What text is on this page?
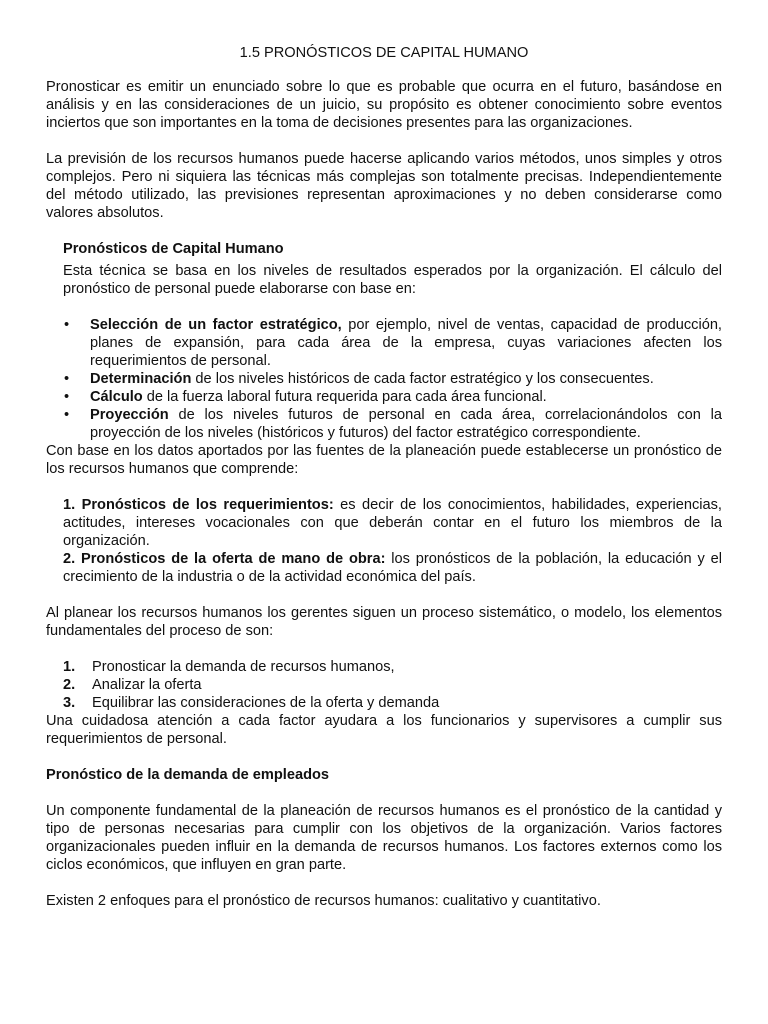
1.5 PRONÓSTICOS DE CAPITAL HUMANO

Pronosticar es emitir un enunciado sobre lo que es probable que ocurra en el futuro, basándose en análisis y en las consideraciones de un juicio, su propósito es obtener conocimiento sobre eventos inciertos que son importantes en la toma de decisiones presentes para las organizaciones.

La previsión de los recursos humanos puede hacerse aplicando varios métodos, unos simples y otros complejos. Pero ni siquiera las técnicas más complejas son totalmente precisas. Independientemente del método utilizado, las previsiones representan aproximaciones y no deben considerarse como valores absolutos.

Pronósticos de Capital Humano

Esta técnica se basa en los niveles de resultados esperados por la organización. El cálculo del pronóstico de personal puede elaborarse con base en:

• Selección de un factor estratégico, por ejemplo, nivel de ventas, capacidad de producción, planes de expansión, para cada área de la empresa, cuyas variaciones afecten los requerimientos de personal.
• Determinación de los niveles históricos de cada factor estratégico y los consecuentes.
• Cálculo de la fuerza laboral futura requerida para cada área funcional.
• Proyección de los niveles futuros de personal en cada área, correlacionándolos con la proyección de los niveles (históricos y futuros) del factor estratégico correspondiente.

Con base en los datos aportados por las fuentes de la planeación puede establecerse un pronóstico de los recursos humanos que comprende:

1. Pronósticos de los requerimientos: es decir de los conocimientos, habilidades, experiencias, actitudes, intereses vocacionales con que deberán contar en el futuro los miembros de la organización.

2. Pronósticos de la oferta de mano de obra: los pronósticos de la población, la educación y el crecimiento de la industria o de la actividad económica del país.

Al planear los recursos humanos los gerentes siguen un proceso sistemático, o modelo, los elementos fundamentales del proceso de son:

1. Pronosticar la demanda de recursos humanos,
2. Analizar la oferta
3. Equilibrar las consideraciones de la oferta y demanda

Una cuidadosa atención a cada factor ayudara a los funcionarios y supervisores a cumplir sus requerimientos de personal.

Pronóstico de la demanda de empleados

Un componente fundamental de la planeación de recursos humanos es el pronóstico de la cantidad y tipo de personas necesarias para cumplir con los objetivos de la organización. Varios factores organizacionales pueden influir en la demanda de recursos humanos. Los factores externos como los ciclos económicos, que influyen en gran parte.

Existen 2 enfoques para el pronóstico de recursos humanos: cualitativo y cuantitativo.
